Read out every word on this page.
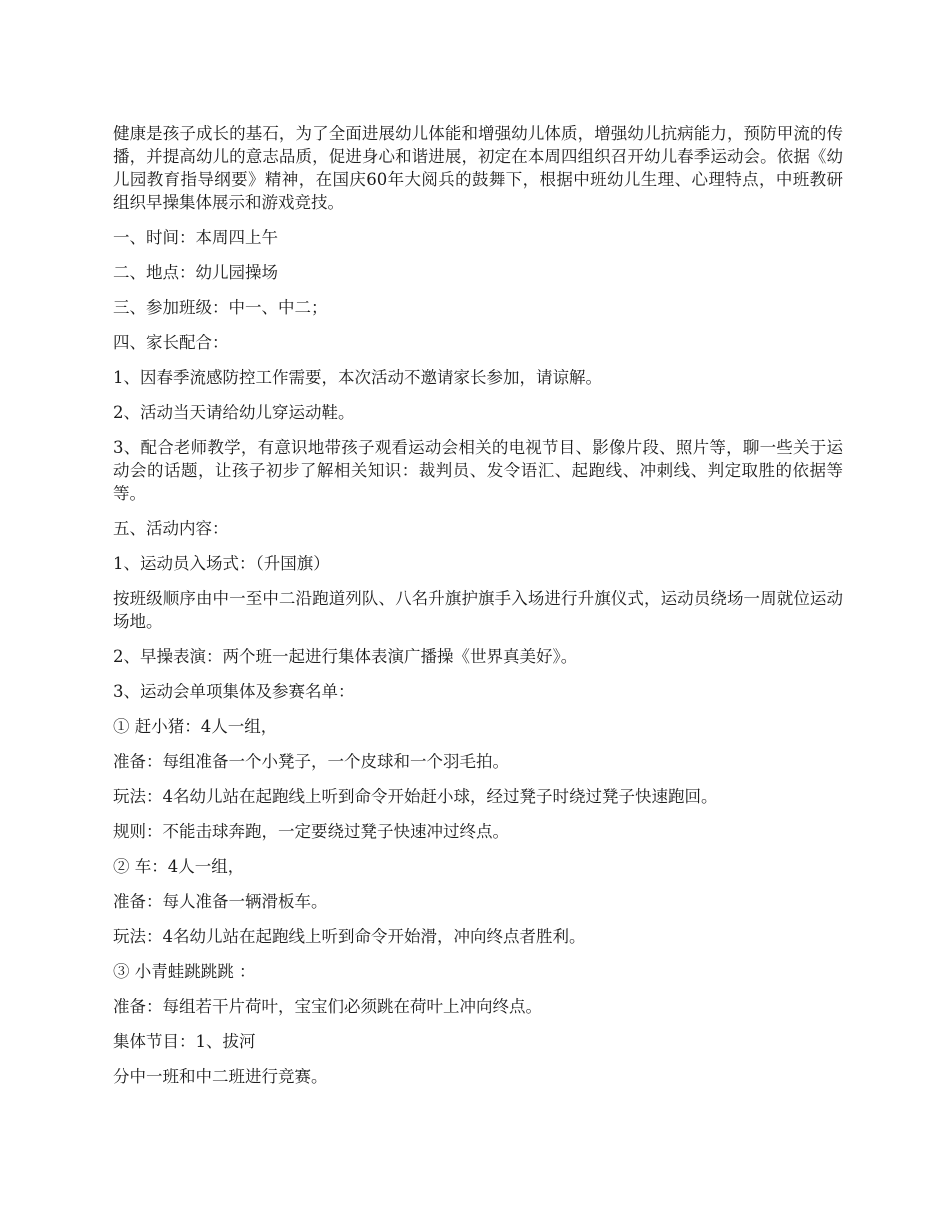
健康是孩子成长的基石，为了全面进展幼儿体能和增强幼儿体质，增强幼儿抗病能力，预防甲流的传播，并提高幼儿的意志品质，促进身心和谐进展，初定在本周四组织召开幼儿春季运动会。依据《幼儿园教育指导纲要》精神，在国庆60年大阅兵的鼓舞下，根据中班幼儿生理、心理特点，中班教研组织早操集体展示和游戏竞技。

一、时间：本周四上午

二、地点：幼儿园操场

三、参加班级：中一、中二；

四、家长配合：

1、因春季流感防控工作需要，本次活动不邀请家长参加，请谅解。

2、活动当天请给幼儿穿运动鞋。

3、配合老师教学，有意识地带孩子观看运动会相关的电视节目、影像片段、照片等，聊一些关于运动会的话题，让孩子初步了解相关知识：裁判员、发令语汇、起跑线、冲刺线、判定取胜的依据等等。

五、活动内容：

1、运动员入场式：（升国旗）

按班级顺序由中一至中二沿跑道列队、八名升旗护旗手入场进行升旗仪式，运动员绕场一周就位运动场地。

2、早操表演：两个班一起进行集体表演广播操《世界真美好》。

3、运动会单项集体及参赛名单：

① 赶小猪：4人一组，

准备：每组准备一个小凳子，一个皮球和一个羽毛拍。

玩法：4名幼儿站在起跑线上听到命令开始赶小球，经过凳子时绕过凳子快速跑回。

规则：不能击球奔跑，一定要绕过凳子快速冲过终点。

② 车：4人一组，

准备：每人准备一辆滑板车。

玩法：4名幼儿站在起跑线上听到命令开始滑，冲向终点者胜利。

③ 小青蛙跳跳跳 ：

准备：每组若干片荷叶，宝宝们必须跳在荷叶上冲向终点。

集体节目：1、拔河

分中一班和中二班进行竞赛。
